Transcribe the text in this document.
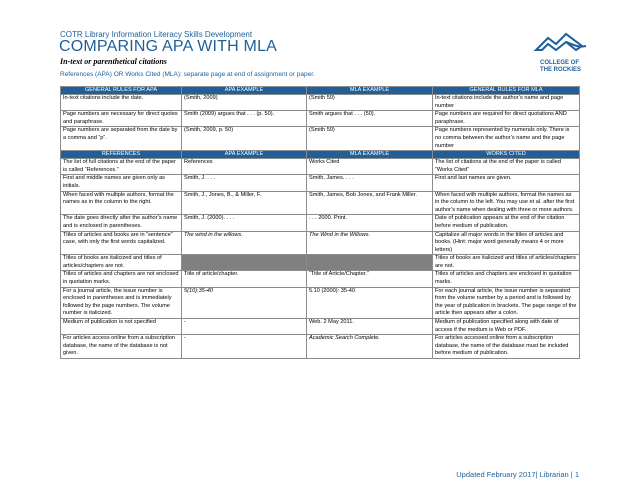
COTR Library Information Literacy Skills Development
COMPARING APA WITH MLA
In-text or parenthetical citations
References (APA) OR Works Cited (MLA): separate page at end of assignment or paper.
COLLEGE OF
THE ROCKIES
GENERAL RULES FOR APA	APA EXAMPLE	MLA EXAMPLE	GENERAL RULES FOR MLA
In-text citations include the date.	(Smith, 2009)	(Smith 50)	In-text citations include the author’s name and page number
Page numbers are necessary for direct quotes and paraphrase.	Smith (2009) argues that . . . (p. 50).	Smith argues that . . . (50).	Page numbers are required for direct quotations AND paraphrase.
Page numbers are separated from the date by a comma and “p”.	(Smith, 2009, p. 50)	(Smith 50)	Page numbers represented by numerals only. There is no comma between the author’s name and the page number
REFERENCES	APA EXAMPLE	MLA EXAMPLE	WORKS CITED
The list of full citations at the end of the paper is called “References.”	References	Works Cited	The list of citations at the end of the paper is called “Works Cited”
First and middle names are given only as initials.	Smith, J. . . .	Smith, James. . . .	First and last names are given.
When faced with multiple authors, format the names as in the column to the right.	Smith, J., Jones, B., & Miller, F.	Smith, James, Bob Jones, and Frank Miller.	When faced with multiple authors, format the names as in the column to the left. You may use et al. after the first author’s name when dealing with three or more authors.
The date goes directly after the author’s name and is enclosed in parentheses.	Smith, J. (2000). . . .	. . . 2000. Print.	Date of publication appears at the end of the citation before medium of publication.
Titles of articles and books are in “sentence” case, with only the first words capitalized.	The wind in the willows.	The Wind in the Willows.	Capitalize all major words in the titles of articles and books. (Hint: major word generally means 4 or more letters)
Titles of books are italicized and titles of articles/chapters are not.			Titles of books are italicized and titles of articles/chapters are not.
Titles of articles and chapters are not enclosed in quotation marks.	Title of article/chapter.	“Title of Article/Chapter.”	Titles of articles and chapters are enclosed in quotation marks.
For a journal article, the issue number is enclosed in parentheses and is immediately followed by the page numbers. The volume number is italicized.	5(10):35-40	5.10 (2000): 35-40	For each journal article, the issue number is separated from the volume number by a period and is followed by the year of publication in brackets. The page range of the article then appears after a colon.
Medium of publication is not specified	-	Web. 2 May 2011.	Medium of publication specified along with date of access if the medium is Web or PDF.
For articles access online from a subscription database, the name of the database is not given.	-	Academic Search Complete.	For articles accessed online from a subscription database, the name of the database must be included before medium of publication.
Updated February 2017| Librarian | 1
